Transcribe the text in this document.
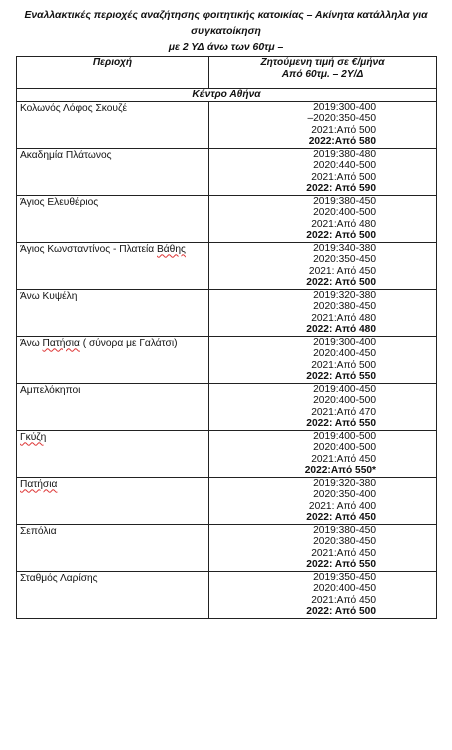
Εναλλακτικές περιοχές αναζήτησης φοιτητικής κατοικίας – Ακίνητα κατάλληλα για συγκατοίκηση
με 2 ΥΔ άνω των 60τμ –
Περιοχή	Ζητούμενη τιμή σε €/μήνα
Από 60τμ. – 2Υ/Δ

Κέντρο Αθήνα	
Κολωνός Λόφος Σκουζέ	2019:300-400
–2020:350-450
2021:Από 500
2022:Από 580

Ακαδημία Πλάτωνος	2019:380-480
2020:440-500
2021:Από 500
2022: Από 590

Άγιος Ελευθέριος	2019:380-450
2020:400-500
2021:Από 480
2022: Από 500

Άγιος Κωνσταντίνος - Πλατεία Βάθης	2019:340-380
2020:350-450
2021: Από 450
2022: Από 500

Άνω Κυψέλη	2019:320-380
2020:380-450
2021:Από 480
2022: Από 480

Άνω Πατήσια ( σύνορα με Γαλάτσι)	2019:300-400
2020:400-450
2021:Από 500
2022: Από 550

Αμπελόκηποι	2019:400-450
2020:400-500
2021:Από 470
2022: Από 550

Γκύζη	2019:400-500
2020:400-500
2021:Από 450
2022:Από 550*

Πατήσια	2019:320-380
2020:350-400
2021: Από 400
2022: Από 450

Σεπόλια	2019:380-450
2020:380-450
2021:Από 450
2022: Από 550

Σταθμός Λαρίσης	2019:350-450
2020:400-450
2021:Από 450
2022: Από 500
